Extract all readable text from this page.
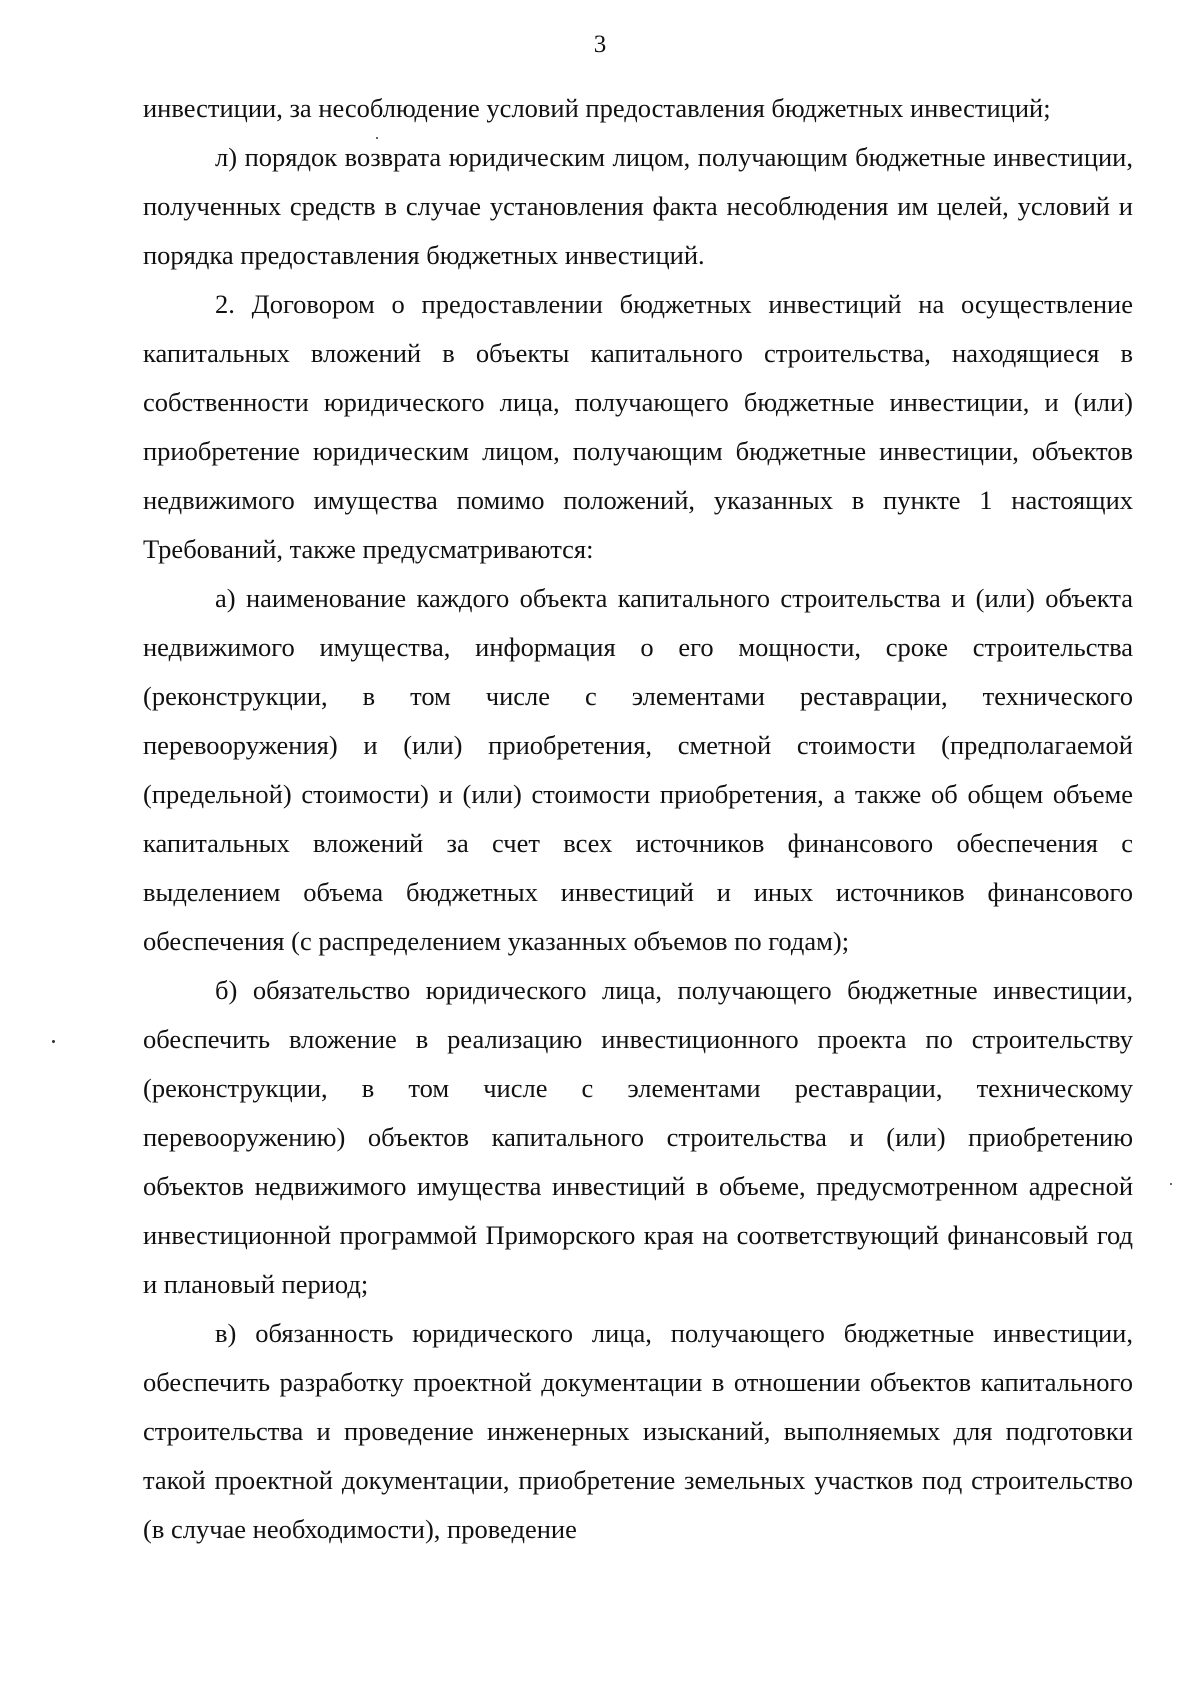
3

инвестиции, за несоблюдение условий предоставления бюджетных инвестиций;

л) порядок возврата юридическим лицом, получающим бюджетные инвестиции, полученных средств в случае установления факта несоблюдения им целей, условий и порядка предоставления бюджетных инвестиций.

2. Договором о предоставлении бюджетных инвестиций на осуществление капитальных вложений в объекты капитального строительства, находящиеся в собственности юридического лица, получающего бюджетные инвестиции, и (или) приобретение юридическим лицом, получающим бюджетные инвестиции, объектов недвижимого имущества помимо положений, указанных в пункте 1 настоящих Требований, также предусматриваются:

а) наименование каждого объекта капитального строительства и (или) объекта недвижимого имущества, информация о его мощности, сроке строительства (реконструкции, в том числе с элементами реставрации, технического перевооружения) и (или) приобретения, сметной стоимости (предполагаемой (предельной) стоимости) и (или) стоимости приобретения, а также об общем объеме капитальных вложений за счет всех источников финансового обеспечения с выделением объема бюджетных инвестиций и иных источников финансового обеспечения (с распределением указанных объемов по годам);

б) обязательство юридического лица, получающего бюджетные инвестиции, обеспечить вложение в реализацию инвестиционного проекта по строительству (реконструкции, в том числе с элементами реставрации, техническому перевооружению) объектов капитального строительства и (или) приобретению объектов недвижимого имущества инвестиций в объеме, предусмотренном адресной инвестиционной программой Приморского края на соответствующий финансовый год и плановый период;

в) обязанность юридического лица, получающего бюджетные инвестиции, обеспечить разработку проектной документации в отношении объектов капитального строительства и проведение инженерных изысканий, выполняемых для подготовки такой проектной документации, приобретение земельных участков под строительство (в случае необходимости), проведение
